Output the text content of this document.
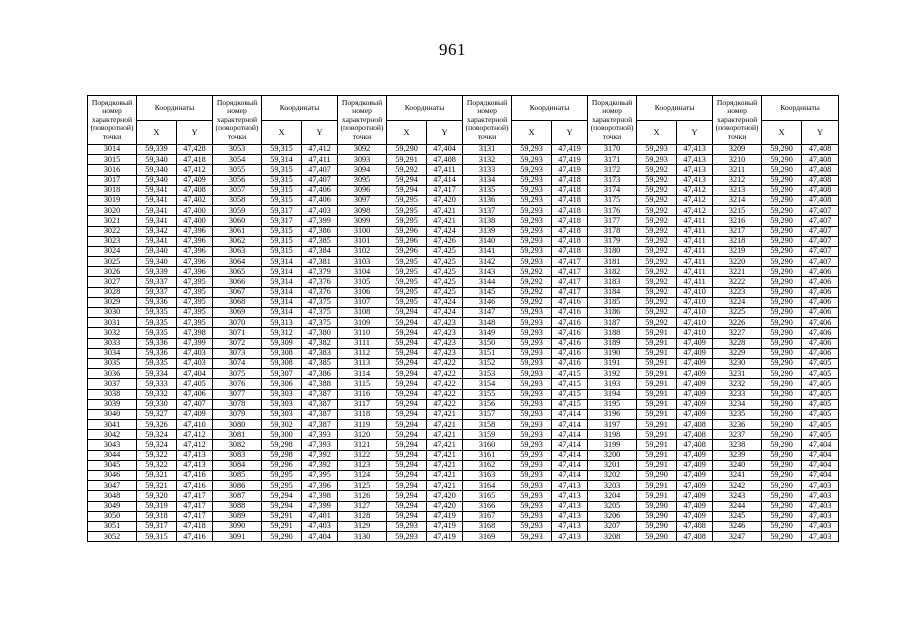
961
Порядковый номер характерной (поворотной) точки	Координаты		Порядковый номер характерной (поворотной) точки	Координаты		Порядковый номер характерной (поворотной) точки	Координаты		Порядковый номер характерной (поворотной) точки	Координаты		Порядковый номер характерной (поворотной) точки	Координаты		Порядковый номер характерной (поворотной) точки	Координаты	
	X	Y		X	Y		X	Y		X	Y		X	Y		X	Y
3014	59,339	47,428	3053	59,315	47,412	3092	59,290	47,404	3131	59,293	47,419	3170	59,293	47,413	3209	59,290	47,408
3015	59,340	47,418	3054	59,314	47,411	3093	59,291	47,408	3132	59,293	47,419	3171	59,293	47,413	3210	59,290	47,408
3016	59,340	47,412	3055	59,315	47,407	3094	59,292	47,411	3133	59,293	47,419	3172	59,292	47,413	3211	59,290	47,408
3017	59,340	47,409	3056	59,315	47,407	3095	59,294	47,414	3134	59,293	47,418	3173	59,292	47,413	3212	59,290	47,408
3018	59,341	47,408	3057	59,315	47,406	3096	59,294	47,417	3135	59,293	47,418	3174	59,292	47,412	3213	59,290	47,408
3019	59,341	47,402	3058	59,315	47,406	3097	59,295	47,420	3136	59,293	47,418	3175	59,292	47,412	3214	59,290	47,408
3020	59,341	47,400	3059	59,317	47,403	3098	59,295	47,421	3137	59,293	47,418	3176	59,292	47,412	3215	59,290	47,407
3021	59,341	47,400	3060	59,317	47,399	3099	59,295	47,421	3138	59,293	47,418	3177	59,292	47,411	3216	59,290	47,407
3022	59,342	47,396	3061	59,315	47,386	3100	59,296	47,424	3139	59,293	47,418	3178	59,292	47,411	3217	59,290	47,407
3023	59,341	47,396	3062	59,315	47,385	3101	59,296	47,426	3140	59,293	47,418	3179	59,292	47,411	3218	59,290	47,407
3024	59,340	47,396	3063	59,315	47,384	3102	59,296	47,425	3141	59,293	47,418	3180	59,292	47,411	3219	59,290	47,407
3025	59,340	47,396	3064	59,314	47,381	3103	59,295	47,425	3142	59,293	47,417	3181	59,292	47,411	3220	59,290	47,407
3026	59,339	47,396	3065	59,314	47,379	3104	59,295	47,425	3143	59,292	47,417	3182	59,292	47,411	3221	59,290	47,406
3027	59,337	47,395	3066	59,314	47,376	3105	59,295	47,425	3144	59,292	47,417	3183	59,292	47,411	3222	59,290	47,406
3028	59,337	47,395	3067	59,314	47,376	3106	59,295	47,425	3145	59,292	47,417	3184	59,292	47,410	3223	59,290	47,406
3029	59,336	47,395	3068	59,314	47,375	3107	59,295	47,424	3146	59,292	47,416	3185	59,292	47,410	3224	59,290	47,406
3030	59,335	47,395	3069	59,314	47,375	3108	59,294	47,424	3147	59,293	47,416	3186	59,292	47,410	3225	59,290	47,406
3031	59,335	47,395	3070	59,313	47,375	3109	59,294	47,423	3148	59,293	47,416	3187	59,292	47,410	3226	59,290	47,406
3032	59,335	47,398	3071	59,312	47,380	3110	59,294	47,423	3149	59,293	47,416	3188	59,291	47,410	3227	59,290	47,406
3033	59,336	47,399	3072	59,309	47,382	3111	59,294	47,423	3150	59,293	47,416	3189	59,291	47,409	3228	59,290	47,406
3034	59,336	47,403	3073	59,308	47,383	3112	59,294	47,423	3151	59,293	47,416	3190	59,291	47,409	3229	59,290	47,406
3035	59,335	47,403	3074	59,308	47,385	3113	59,294	47,422	3152	59,293	47,416	3191	59,291	47,409	3230	59,290	47,405
3036	59,334	47,404	3075	59,307	47,386	3114	59,294	47,422	3153	59,293	47,415	3192	59,291	47,409	3231	59,290	47,405
3037	59,333	47,405	3076	59,306	47,388	3115	59,294	47,422	3154	59,293	47,415	3193	59,291	47,409	3232	59,290	47,405
3038	59,332	47,406	3077	59,303	47,387	3116	59,294	47,422	3155	59,293	47,415	3194	59,291	47,409	3233	59,290	47,405
3039	59,330	47,407	3078	59,303	47,387	3117	59,294	47,422	3156	59,293	47,415	3195	59,291	47,409	3234	59,290	47,405
3040	59,327	47,409	3079	59,303	47,387	3118	59,294	47,421	3157	59,293	47,414	3196	59,291	47,409	3235	59,290	47,405
3041	59,326	47,410	3080	59,302	47,387	3119	59,294	47,421	3158	59,293	47,414	3197	59,291	47,408	3236	59,290	47,405
3042	59,324	47,412	3081	59,300	47,393	3120	59,294	47,421	3159	59,293	47,414	3198	59,291	47,408	3237	59,290	47,405
3043	59,324	47,412	3082	59,298	47,393	3121	59,294	47,421	3160	59,293	47,414	3199	59,291	47,408	3238	59,290	47,404
3044	59,322	47,413	3083	59,298	47,392	3122	59,294	47,421	3161	59,293	47,414	3200	59,291	47,409	3239	59,290	47,404
3045	59,322	47,413	3084	59,296	47,392	3123	59,294	47,421	3162	59,293	47,414	3201	59,291	47,409	3240	59,290	47,404
3046	59,321	47,416	3085	59,295	47,395	3124	59,294	47,421	3163	59,293	47,414	3202	59,290	47,409	3241	59,290	47,404
3047	59,321	47,416	3086	59,295	47,396	3125	59,294	47,421	3164	59,293	47,413	3203	59,291	47,409	3242	59,290	47,403
3048	59,320	47,417	3087	59,294	47,398	3126	59,294	47,420	3165	59,293	47,413	3204	59,291	47,409	3243	59,290	47,403
3049	59,319	47,417	3088	59,294	47,399	3127	59,294	47,420	3166	59,293	47,413	3205	59,290	47,409	3244	59,290	47,403
3050	59,318	47,417	3089	59,291	47,401	3128	59,294	47,419	3167	59,293	47,413	3206	59,290	47,409	3245	59,290	47,403
3051	59,317	47,418	3090	59,291	47,403	3129	59,293	47,419	3168	59,293	47,413	3207	59,290	47,408	3246	59,290	47,403
3052	59,315	47,416	3091	59,290	47,404	3130	59,293	47,419	3169	59,293	47,413	3208	59,290	47,408	3247	59,290	47,403
